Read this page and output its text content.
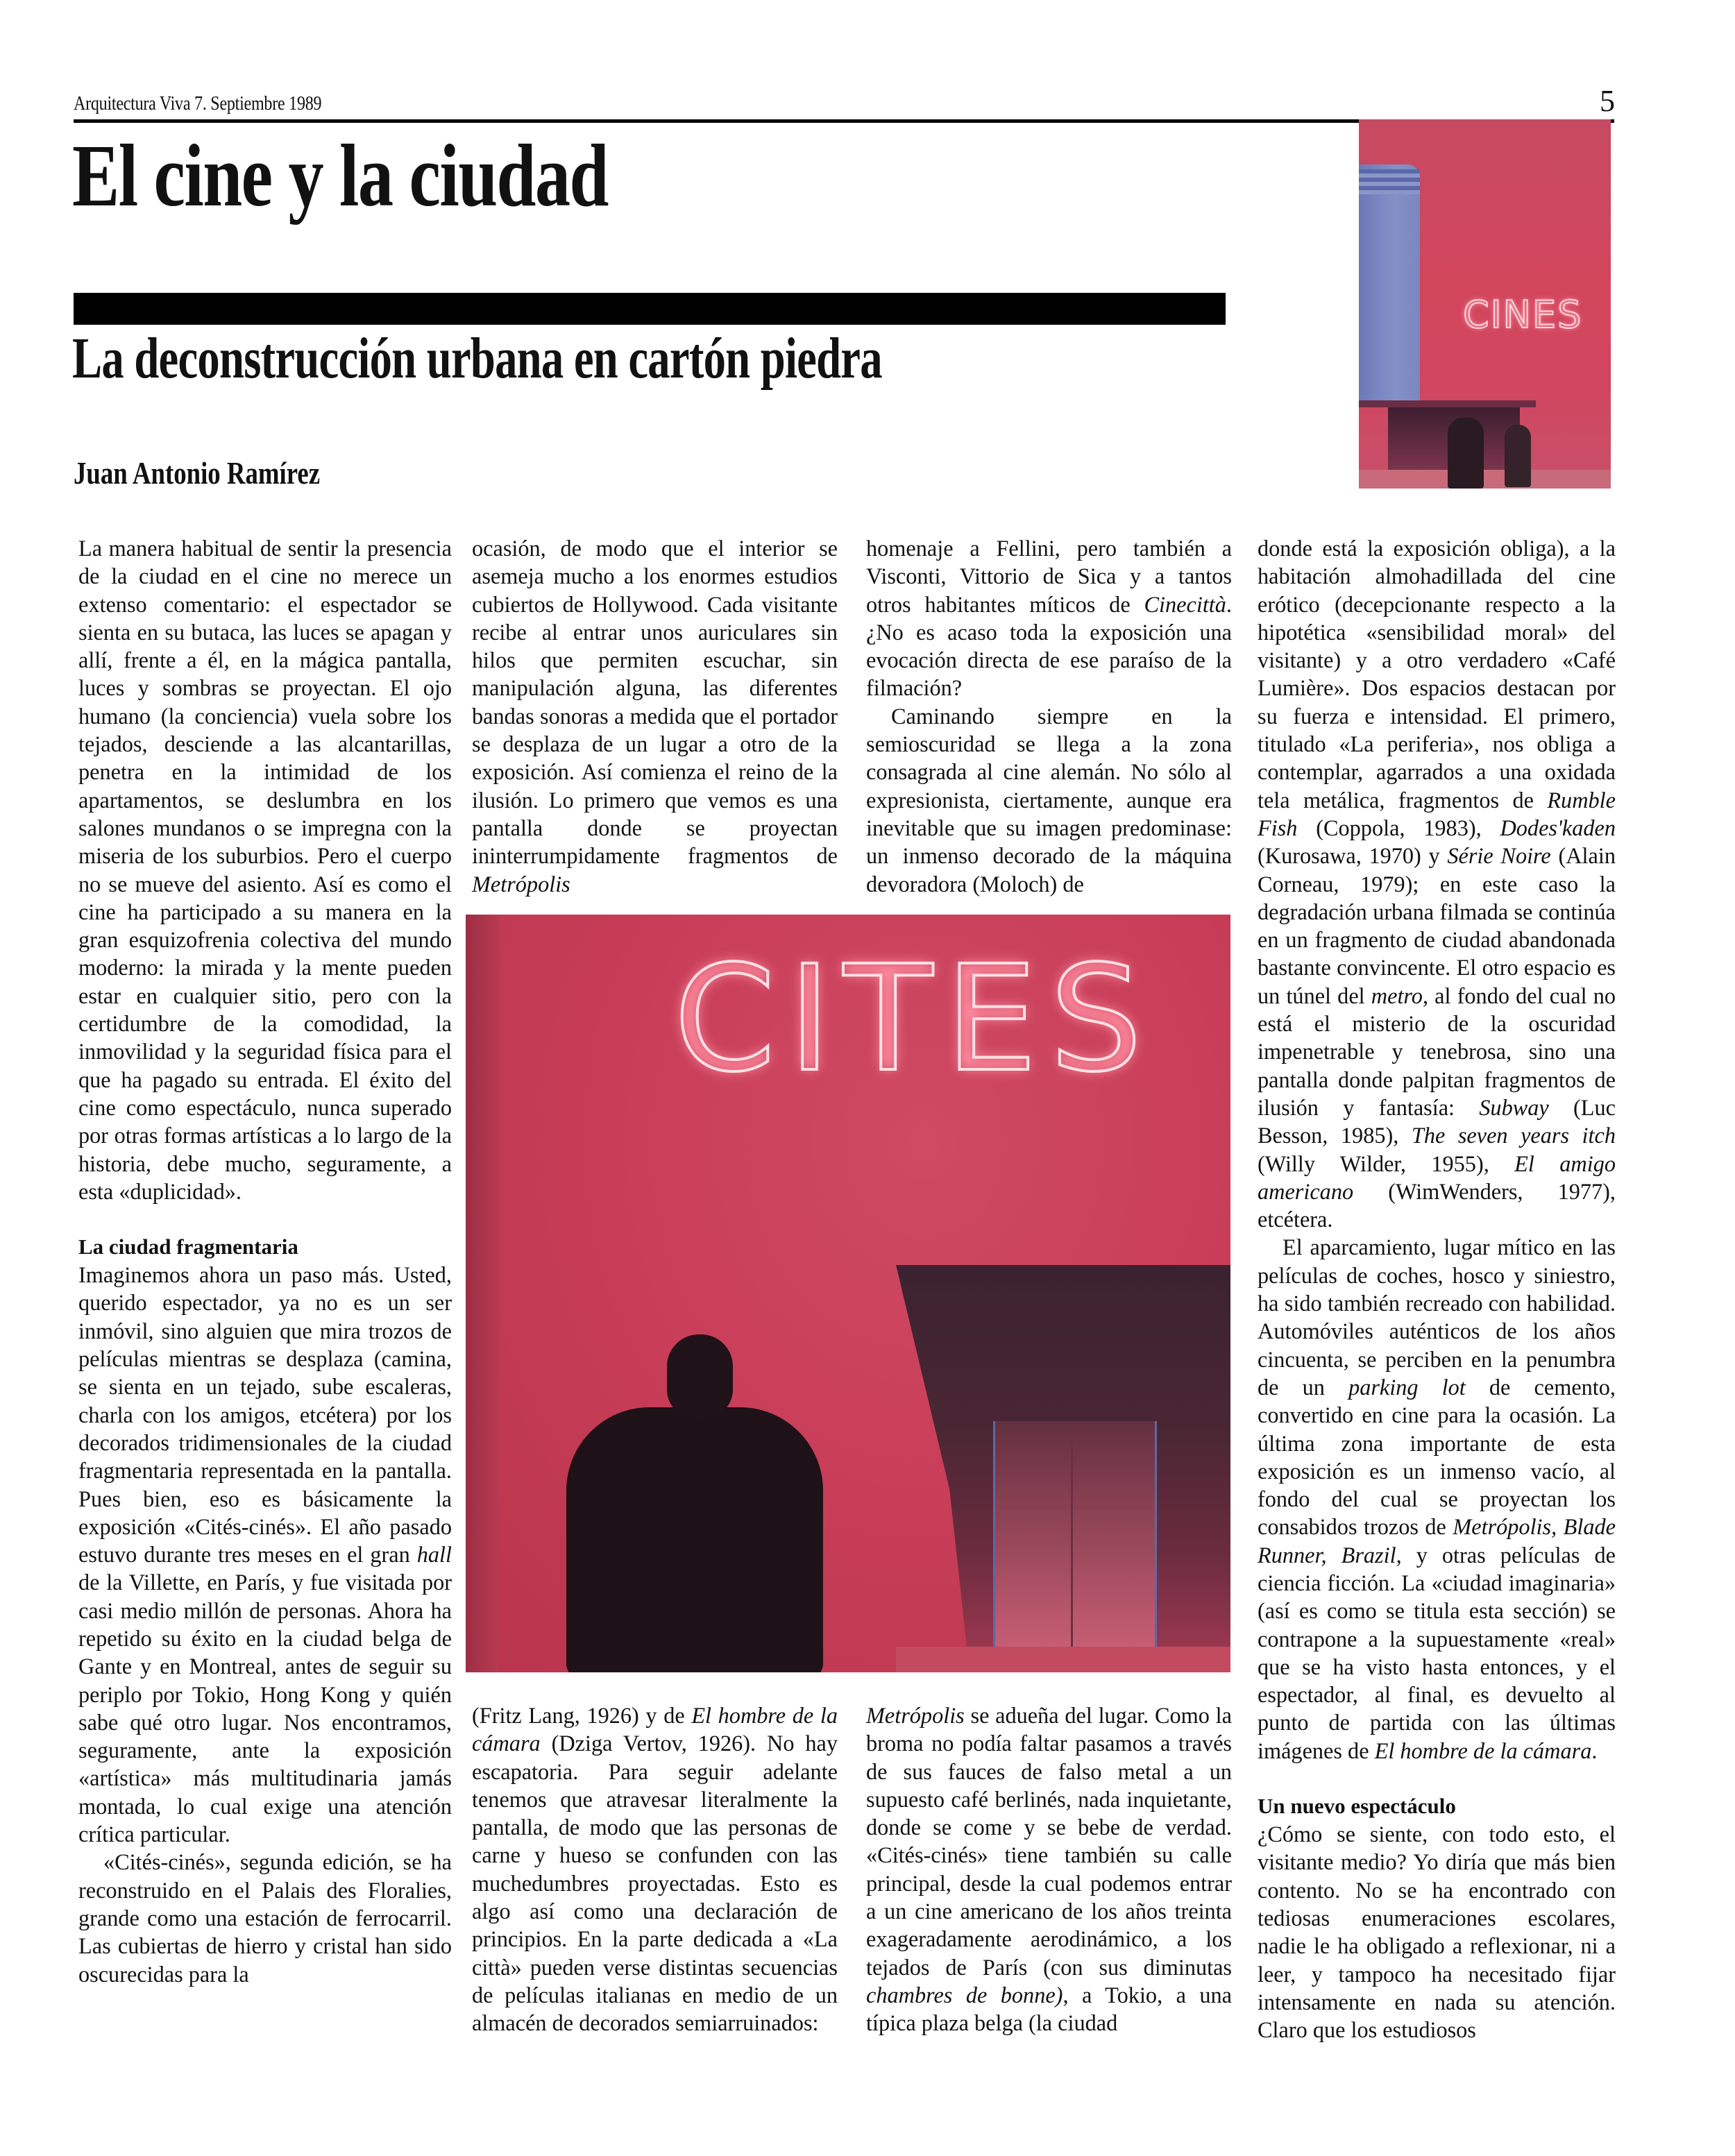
Arquitectura Viva 7. Septiembre 1989	5
El cine y la ciudad
La deconstrucción urbana en cartón piedra
Juan Antonio Ramírez
CINES

La manera habitual de sentir la presencia de la ciudad en el cine no merece un extenso comentario: el espectador se sienta en su butaca, las luces se apagan y allí, frente a él, en la mágica pantalla, luces y sombras se proyectan. El ojo humano (la conciencia) vuela sobre los tejados, desciende a las alcantarillas, penetra en la intimidad de los apartamentos, se deslumbra en los salones mundanos o se impregna con la miseria de los suburbios. Pero el cuerpo no se mueve del asiento. Así es como el cine ha participado a su manera en la gran esquizofrenia colectiva del mundo moderno: la mirada y la mente pueden estar en cualquier sitio, pero con la certidumbre de la comodidad, la inmovilidad y la seguridad física para el que ha pagado su entrada. El éxito del cine como espectáculo, nunca superado por otras formas artísticas a lo largo de la historia, debe mucho, seguramente, a esta «duplicidad».

La ciudad fragmentaria

Imaginemos ahora un paso más. Usted, querido espectador, ya no es un ser inmóvil, sino alguien que mira trozos de películas mientras se desplaza (camina, se sienta en un tejado, sube escaleras, charla con los amigos, etcétera) por los decorados tridimensionales de la ciudad fragmentaria representada en la pantalla. Pues bien, eso es básicamente la exposición «Cités-cinés». El año pasado estuvo durante tres meses en el gran hall de la Villette, en París, y fue visitada por casi medio millón de personas. Ahora ha repetido su éxito en la ciudad belga de Gante y en Montreal, antes de seguir su periplo por Tokio, Hong Kong y quién sabe qué otro lugar. Nos encontramos, seguramente, ante la exposición «artística» más multitudinaria jamás montada, lo cual exige una atención crítica particular.

«Cités-cinés», segunda edición, se ha reconstruido en el Palais des Floralies, grande como una estación de ferrocarril. Las cubiertas de hierro y cristal han sido oscurecidas para la

ocasión, de modo que el interior se asemeja mucho a los enormes estudios cubiertos de Hollywood. Cada visitante recibe al entrar unos auriculares sin hilos que permiten escuchar, sin manipulación alguna, las diferentes bandas sonoras a medida que el portador se desplaza de un lugar a otro de la exposición. Así comienza el reino de la ilusión. Lo primero que vemos es una pantalla donde se proyectan ininterrumpidamente fragmentos de Metrópolis

homenaje a Fellini, pero también a Visconti, Vittorio de Sica y a tantos otros habitantes míticos de Cinecittà. ¿No es acaso toda la exposición una evocación directa de ese paraíso de la filmación?

Caminando siempre en la semioscuridad se llega a la zona consagrada al cine alemán. No sólo al expresionista, ciertamente, aunque era inevitable que su imagen predominase: un inmenso decorado de la máquina devoradora (Moloch) de

CITES

(Fritz Lang, 1926) y de El hombre de la cámara (Dziga Vertov, 1926). No hay escapatoria. Para seguir adelante tenemos que atravesar literalmente la pantalla, de modo que las personas de carne y hueso se confunden con las muchedumbres proyectadas. Esto es algo así como una declaración de principios. En la parte dedicada a «La città» pueden verse distintas secuencias de películas italianas en medio de un almacén de decorados semiarruinados:

Metrópolis se adueña del lugar. Como la broma no podía faltar pasamos a través de sus fauces de falso metal a un supuesto café berlinés, nada inquietante, donde se come y se bebe de verdad. «Cités-cinés» tiene también su calle principal, desde la cual podemos entrar a un cine americano de los años treinta exageradamente aerodinámico, a los tejados de París (con sus diminutas chambres de bonne), a Tokio, a una típica plaza belga (la ciudad

donde está la exposición obliga), a la habitación almohadillada del cine erótico (decepcionante respecto a la hipotética «sensibilidad moral» del visitante) y a otro verdadero «Café Lumière». Dos espacios destacan por su fuerza e intensidad. El primero, titulado «La periferia», nos obliga a contemplar, agarrados a una oxidada tela metálica, fragmentos de Rumble Fish (Coppola, 1983), Dodes'kaden (Kurosawa, 1970) y Série Noire (Alain Corneau, 1979); en este caso la degradación urbana filmada se continúa en un fragmento de ciudad abandonada bastante convincente. El otro espacio es un túnel del metro, al fondo del cual no está el misterio de la oscuridad impenetrable y tenebrosa, sino una pantalla donde palpitan fragmentos de ilusión y fantasía: Subway (Luc Besson, 1985), The seven years itch (Willy Wilder, 1955), El amigo americano (WimWenders, 1977), etcétera.

El aparcamiento, lugar mítico en las películas de coches, hosco y siniestro, ha sido también recreado con habilidad. Automóviles auténticos de los años cincuenta, se perciben en la penumbra de un parking lot de cemento, convertido en cine para la ocasión. La última zona importante de esta exposición es un inmenso vacío, al fondo del cual se proyectan los consabidos trozos de Metrópolis, Blade Runner, Brazil, y otras películas de ciencia ficción. La «ciudad imaginaria» (así es como se titula esta sección) se contrapone a la supuestamente «real» que se ha visto hasta entonces, y el espectador, al final, es devuelto al punto de partida con las últimas imágenes de El hombre de la cámara.

Un nuevo espectáculo

¿Cómo se siente, con todo esto, el visitante medio? Yo diría que más bien contento. No se ha encontrado con tediosas enumeraciones escolares, nadie le ha obligado a reflexionar, ni a leer, y tampoco ha necesitado fijar intensamente en nada su atención. Claro que los estudiosos
